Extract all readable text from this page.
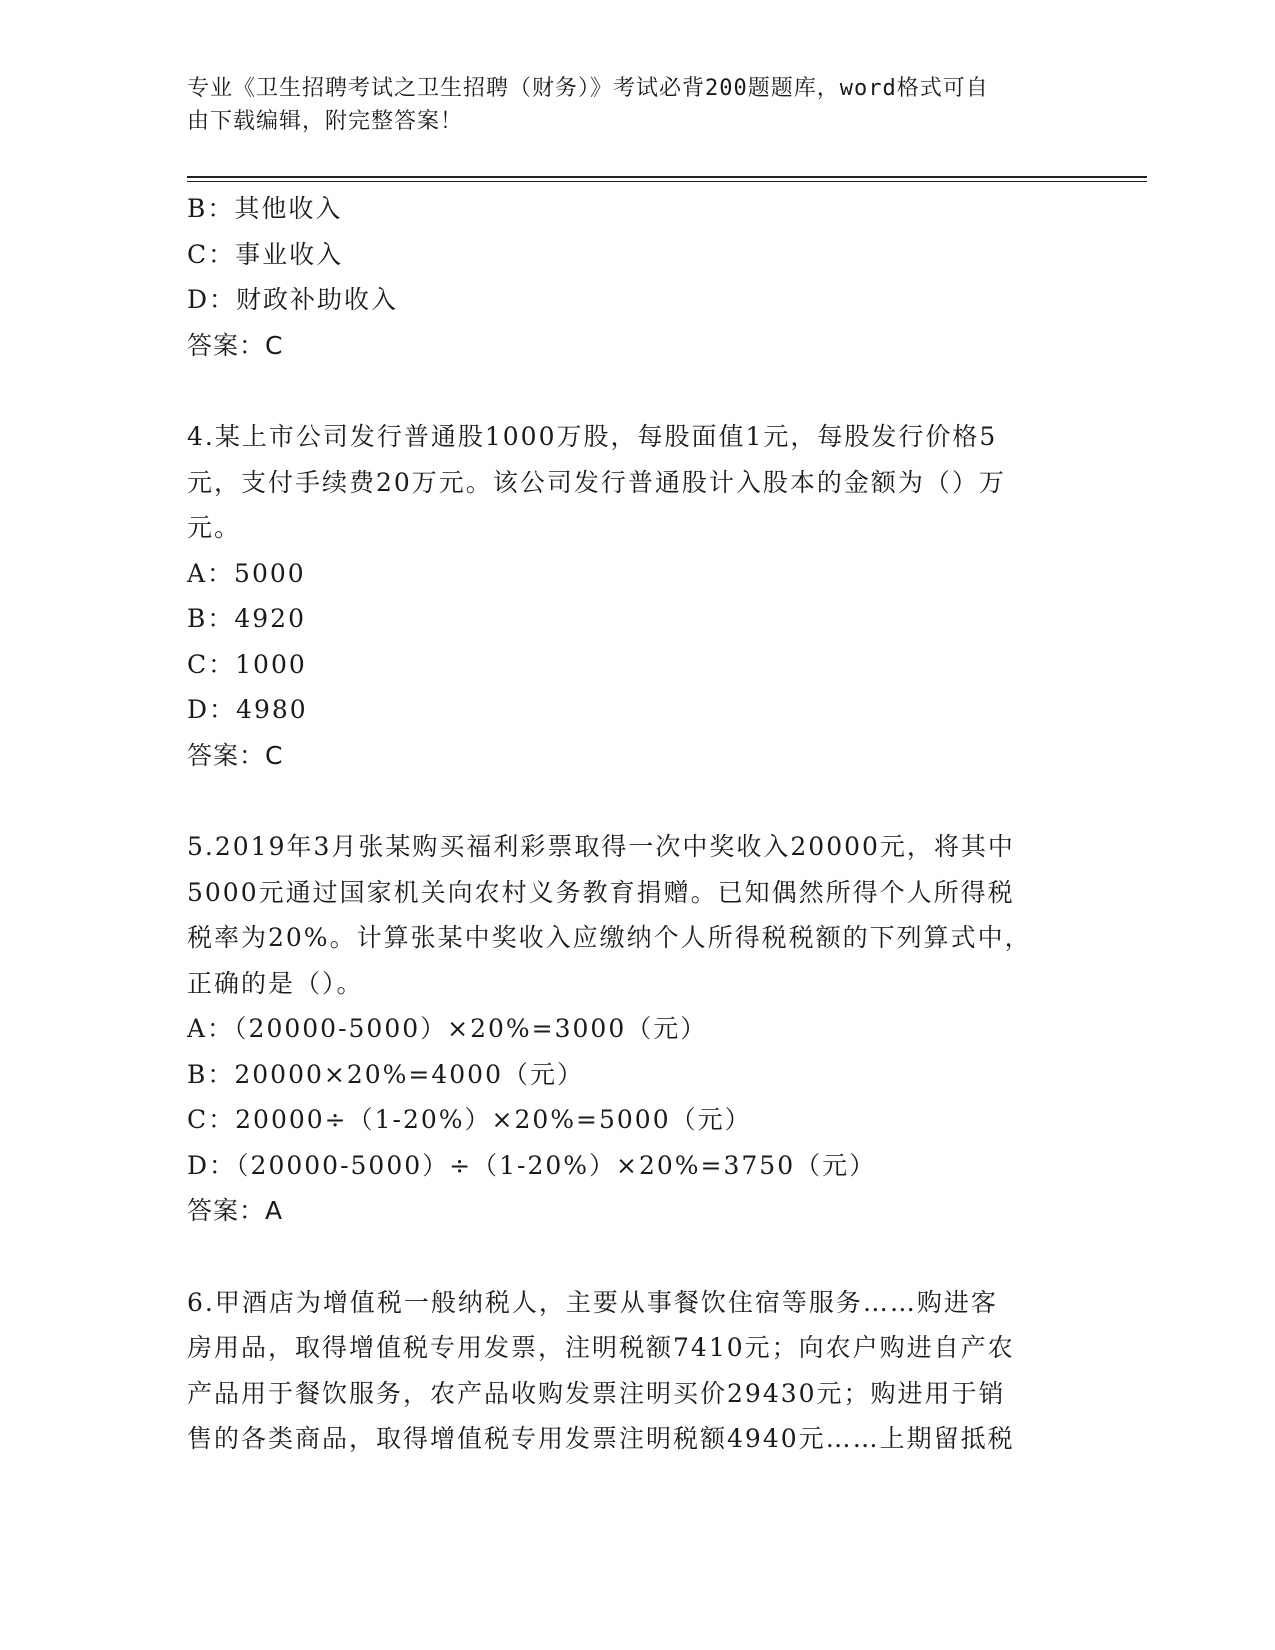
专业《卫生招聘考试之卫生招聘（财务）》考试必背200题题库，word格式可自
由下载编辑，附完整答案！
B：其他收入
C：事业收入
D：财政补助收入
答案：C
4.某上市公司发行普通股1000万股，每股面值1元，每股发行价格5
元，支付手续费20万元。该公司发行普通股计入股本的金额为（）万
元。
A：5000
B：4920
C：1000
D：4980
答案：C
5.2019年3月张某购买福利彩票取得一次中奖收入20000元，将其中
5000元通过国家机关向农村义务教育捐赠。已知偶然所得个人所得税
税率为20%。计算张某中奖收入应缴纳个人所得税税额的下列算式中，
正确的是（）。
A：（20000-5000）×20%=3000（元）
B：20000×20%=4000（元）
C：20000÷（1-20%）×20%=5000（元）
D：（20000-5000）÷（1-20%）×20%=3750（元）
答案：A
6.甲酒店为增值税一般纳税人，主要从事餐饮住宿等服务……购进客
房用品，取得增值税专用发票，注明税额7410元；向农户购进自产农
产品用于餐饮服务，农产品收购发票注明买价29430元；购进用于销
售的各类商品，取得增值税专用发票注明税额4940元……上期留抵税
